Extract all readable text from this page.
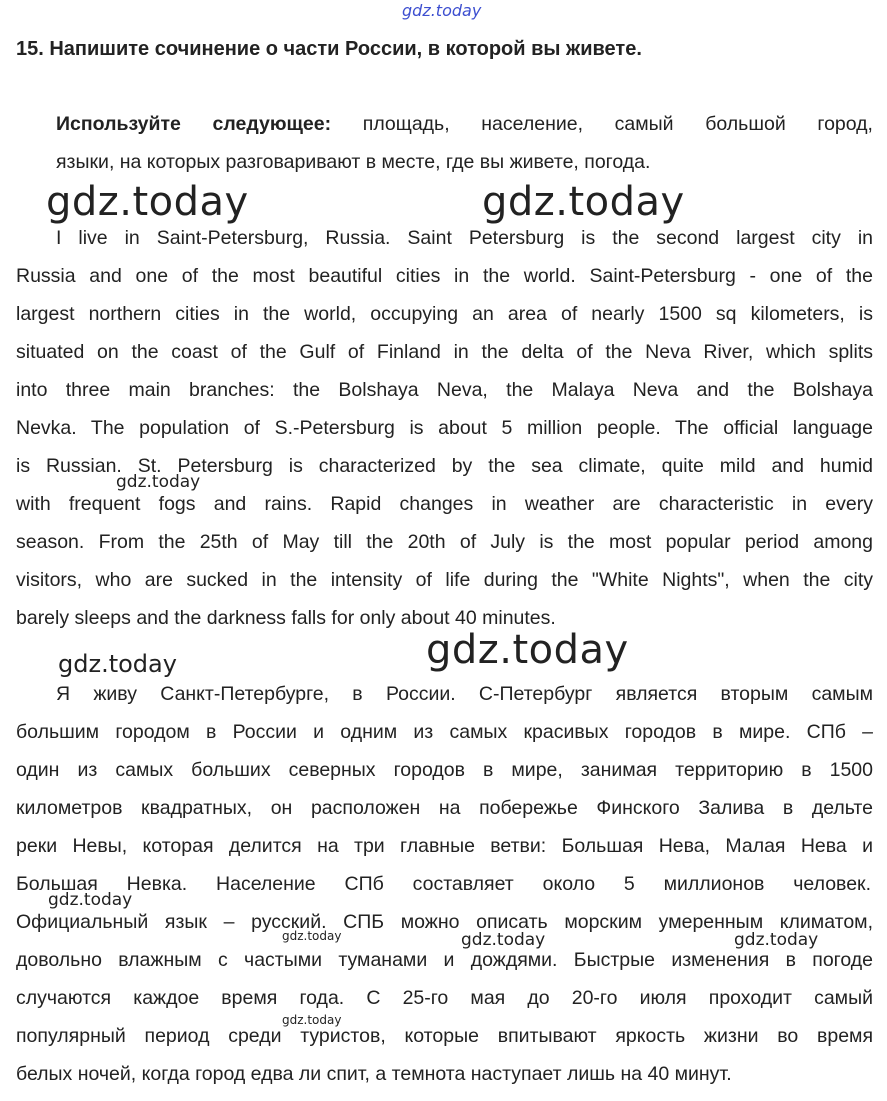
gdz.today
15. Напишите сочинение о части России, в которой вы живете.
Используйте следующее: площадь, население, самый большой город,
языки, на которых разговаривают в месте, где вы живете, погода.
gdz.today	gdz.today
I live in Saint-Petersburg, Russia. Saint Petersburg is the second largest city in
Russia and one of the most beautiful cities in the world. Saint-Petersburg - one of the
largest northern cities in the world, occupying an area of nearly 1500 sq kilometers, is
situated on the coast of the Gulf of Finland in the delta of the Neva River, which splits
into three main branches: the Bolshaya Neva, the Malaya Neva and the Bolshaya
Nevka. The population of S.-Petersburg is about 5 million people. The official language
is Russian. St. Petersburg is characterized by the sea climate, quite mild and humid
gdz.today
with frequent fogs and rains. Rapid changes in weather are characteristic in every
season. From the 25th of May till the 20th of July is the most popular period among
visitors, who are sucked in the intensity of life during the "White Nights", when the city
barely sleeps and the darkness falls for only about 40 minutes.
gdz.today	gdz.today
Я живу Санкт-Петербурге, в России. С-Петербург является вторым самым
большим городом в России и одним из самых красивых городов в мире. СПб –
один из самых больших северных городов в мире, занимая территорию в 1500
километров квадратных, он расположен на побережье Финского Залива в дельте
реки Невы, которая делится на три главные ветви: Большая Нева, Малая Нева и
Большая Невка. Население СПб составляет около 5 миллионов человек.
gdz.today
Официальный язык – русский. СПБ можно описать морским умеренным климатом,
gdz.today	gdz.today	gdz.today
довольно влажным с частыми туманами и дождями. Быстрые изменения в погоде
случаются каждое время года. С 25-го мая до 20-го июля проходит самый
gdz.today
популярный период среди туристов, которые впитывают яркость жизни во время
белых ночей, когда город едва ли спит, а темнота наступает лишь на 40 минут.
